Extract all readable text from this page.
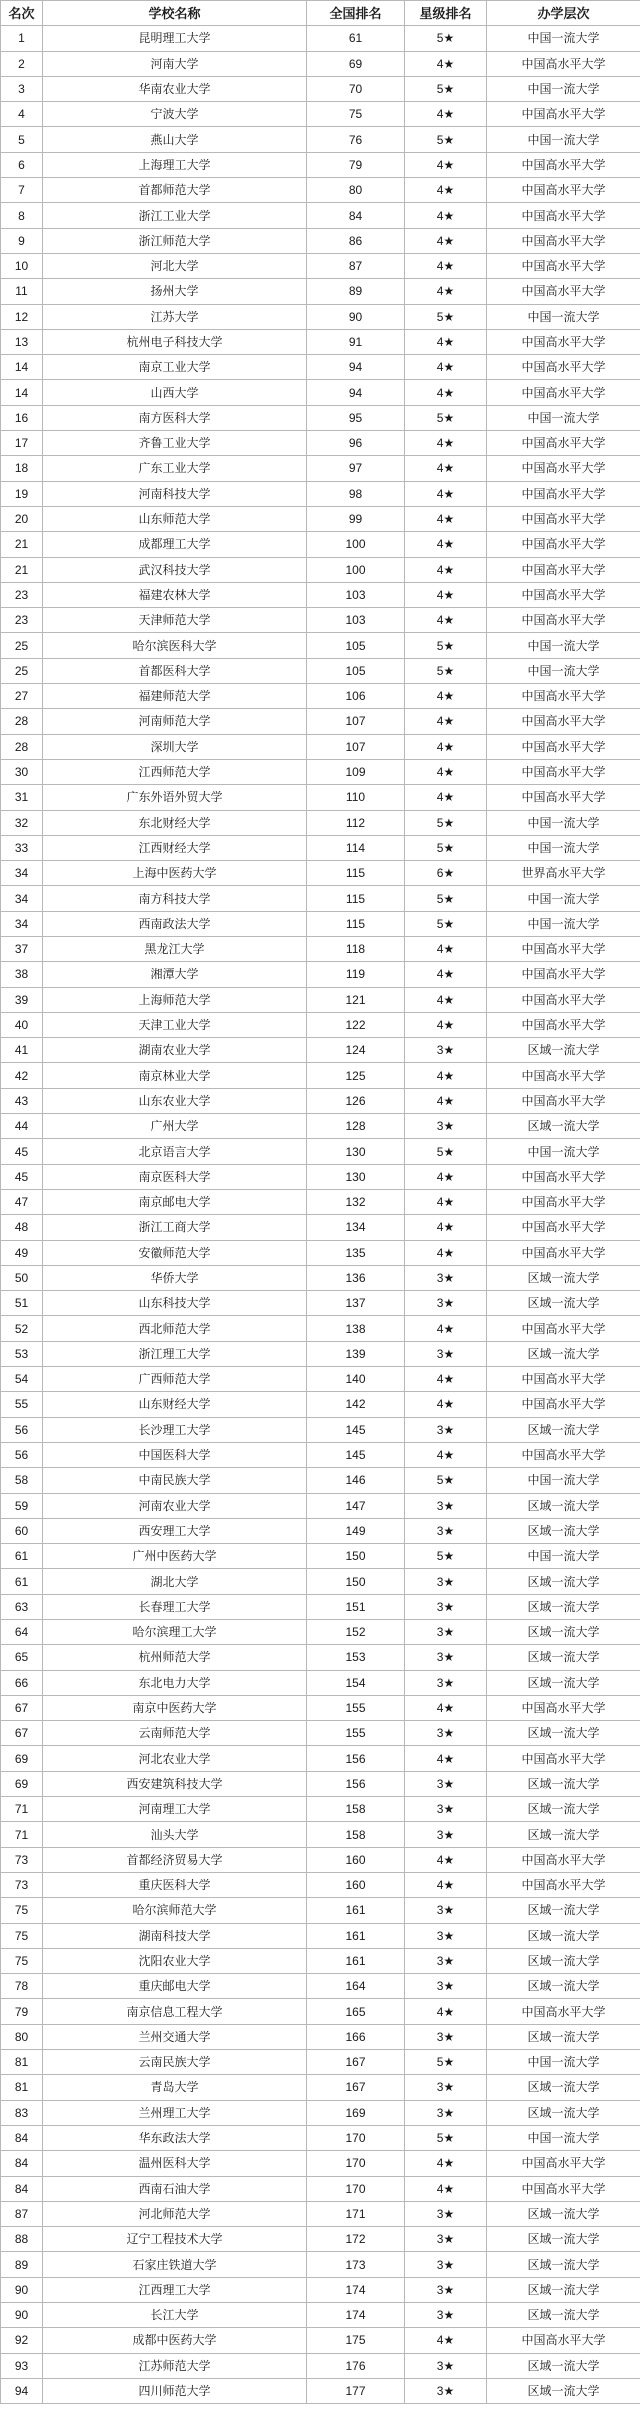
名次	学校名称	全国排名	星级排名	办学层次
1	昆明理工大学	61	5★	中国一流大学
2	河南大学	69	4★	中国高水平大学
3	华南农业大学	70	5★	中国一流大学
4	宁波大学	75	4★	中国高水平大学
5	燕山大学	76	5★	中国一流大学
6	上海理工大学	79	4★	中国高水平大学
7	首都师范大学	80	4★	中国高水平大学
8	浙江工业大学	84	4★	中国高水平大学
9	浙江师范大学	86	4★	中国高水平大学
10	河北大学	87	4★	中国高水平大学
11	扬州大学	89	4★	中国高水平大学
12	江苏大学	90	5★	中国一流大学
13	杭州电子科技大学	91	4★	中国高水平大学
14	南京工业大学	94	4★	中国高水平大学
14	山西大学	94	4★	中国高水平大学
16	南方医科大学	95	5★	中国一流大学
17	齐鲁工业大学	96	4★	中国高水平大学
18	广东工业大学	97	4★	中国高水平大学
19	河南科技大学	98	4★	中国高水平大学
20	山东师范大学	99	4★	中国高水平大学
21	成都理工大学	100	4★	中国高水平大学
21	武汉科技大学	100	4★	中国高水平大学
23	福建农林大学	103	4★	中国高水平大学
23	天津师范大学	103	4★	中国高水平大学
25	哈尔滨医科大学	105	5★	中国一流大学
25	首都医科大学	105	5★	中国一流大学
27	福建师范大学	106	4★	中国高水平大学
28	河南师范大学	107	4★	中国高水平大学
28	深圳大学	107	4★	中国高水平大学
30	江西师范大学	109	4★	中国高水平大学
31	广东外语外贸大学	110	4★	中国高水平大学
32	东北财经大学	112	5★	中国一流大学
33	江西财经大学	114	5★	中国一流大学
34	上海中医药大学	115	6★	世界高水平大学
34	南方科技大学	115	5★	中国一流大学
34	西南政法大学	115	5★	中国一流大学
37	黑龙江大学	118	4★	中国高水平大学
38	湘潭大学	119	4★	中国高水平大学
39	上海师范大学	121	4★	中国高水平大学
40	天津工业大学	122	4★	中国高水平大学
41	湖南农业大学	124	3★	区域一流大学
42	南京林业大学	125	4★	中国高水平大学
43	山东农业大学	126	4★	中国高水平大学
44	广州大学	128	3★	区域一流大学
45	北京语言大学	130	5★	中国一流大学
45	南京医科大学	130	4★	中国高水平大学
47	南京邮电大学	132	4★	中国高水平大学
48	浙江工商大学	134	4★	中国高水平大学
49	安徽师范大学	135	4★	中国高水平大学
50	华侨大学	136	3★	区域一流大学
51	山东科技大学	137	3★	区域一流大学
52	西北师范大学	138	4★	中国高水平大学
53	浙江理工大学	139	3★	区域一流大学
54	广西师范大学	140	4★	中国高水平大学
55	山东财经大学	142	4★	中国高水平大学
56	长沙理工大学	145	3★	区域一流大学
56	中国医科大学	145	4★	中国高水平大学
58	中南民族大学	146	5★	中国一流大学
59	河南农业大学	147	3★	区域一流大学
60	西安理工大学	149	3★	区域一流大学
61	广州中医药大学	150	5★	中国一流大学
61	湖北大学	150	3★	区域一流大学
63	长春理工大学	151	3★	区域一流大学
64	哈尔滨理工大学	152	3★	区域一流大学
65	杭州师范大学	153	3★	区域一流大学
66	东北电力大学	154	3★	区域一流大学
67	南京中医药大学	155	4★	中国高水平大学
67	云南师范大学	155	3★	区域一流大学
69	河北农业大学	156	4★	中国高水平大学
69	西安建筑科技大学	156	3★	区域一流大学
71	河南理工大学	158	3★	区域一流大学
71	汕头大学	158	3★	区域一流大学
73	首都经济贸易大学	160	4★	中国高水平大学
73	重庆医科大学	160	4★	中国高水平大学
75	哈尔滨师范大学	161	3★	区域一流大学
75	湖南科技大学	161	3★	区域一流大学
75	沈阳农业大学	161	3★	区域一流大学
78	重庆邮电大学	164	3★	区域一流大学
79	南京信息工程大学	165	4★	中国高水平大学
80	兰州交通大学	166	3★	区域一流大学
81	云南民族大学	167	5★	中国一流大学
81	青岛大学	167	3★	区域一流大学
83	兰州理工大学	169	3★	区域一流大学
84	华东政法大学	170	5★	中国一流大学
84	温州医科大学	170	4★	中国高水平大学
84	西南石油大学	170	4★	中国高水平大学
87	河北师范大学	171	3★	区域一流大学
88	辽宁工程技术大学	172	3★	区域一流大学
89	石家庄铁道大学	173	3★	区域一流大学
90	江西理工大学	174	3★	区域一流大学
90	长江大学	174	3★	区域一流大学
92	成都中医药大学	175	4★	中国高水平大学
93	江苏师范大学	176	3★	区域一流大学
94	四川师范大学	177	3★	区域一流大学
